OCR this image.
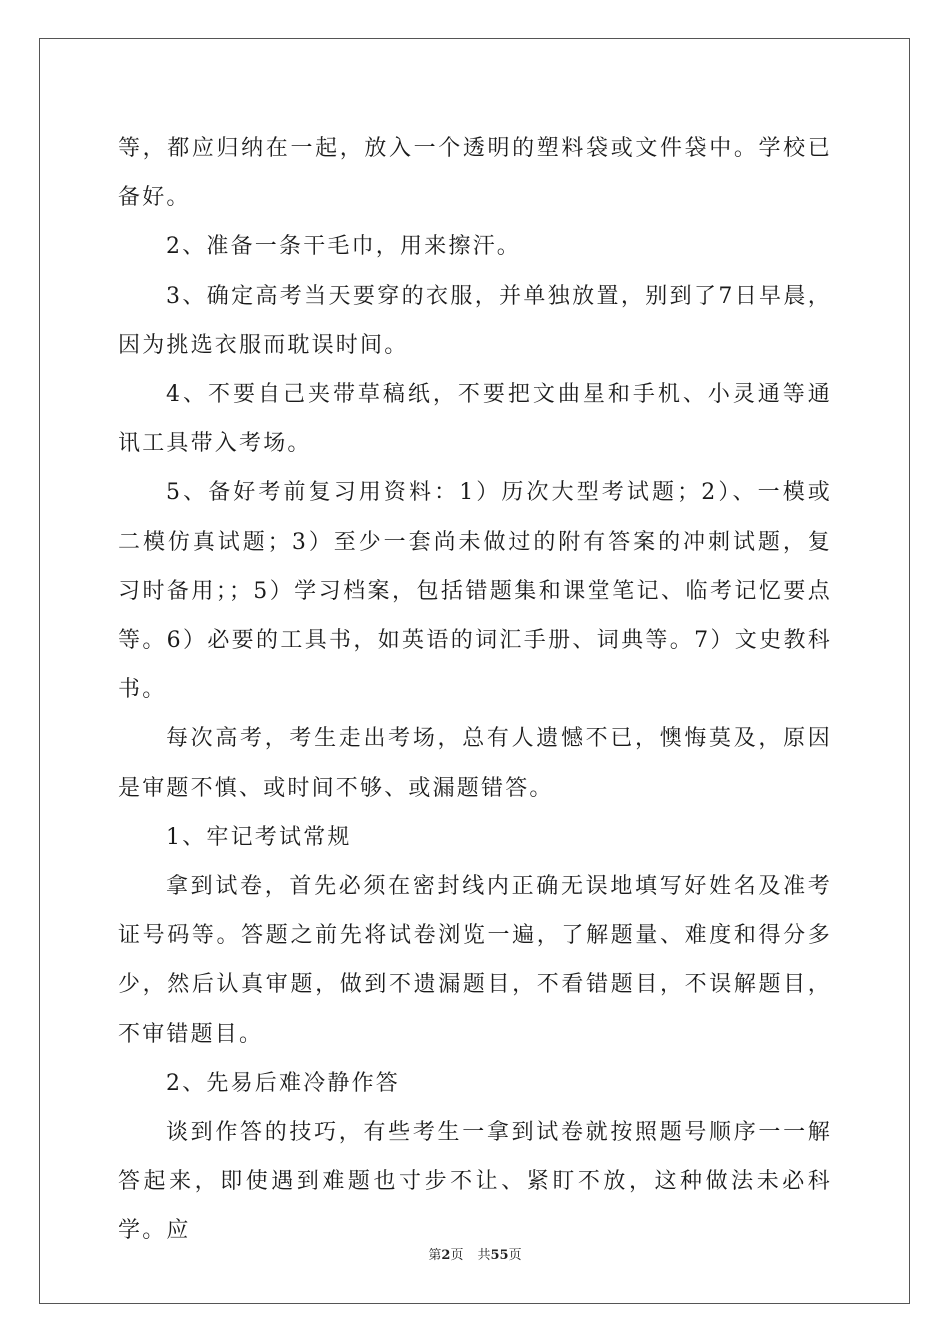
等，都应归纳在一起，放入一个透明的塑料袋或文件袋中。学校已备好。

2、准备一条干毛巾，用来擦汗。

3、确定高考当天要穿的衣服，并单独放置，别到了7日早晨，因为挑选衣服而耽误时间。

4、不要自己夹带草稿纸，不要把文曲星和手机、小灵通等通讯工具带入考场。

5、备好考前复习用资料：1）历次大型考试题；2）、一模或二模仿真试题；3）至少一套尚未做过的附有答案的冲刺试题，复习时备用；；5）学习档案，包括错题集和课堂笔记、临考记忆要点等。6）必要的工具书，如英语的词汇手册、词典等。7）文史教科书。

每次高考，考生走出考场，总有人遗憾不已，懊悔莫及，原因是审题不慎、或时间不够、或漏题错答。

1、牢记考试常规

拿到试卷，首先必须在密封线内正确无误地填写好姓名及准考证号码等。答题之前先将试卷浏览一遍，了解题量、难度和得分多少，然后认真审题，做到不遗漏题目，不看错题目，不误解题目，不审错题目。

2、先易后难冷静作答

谈到作答的技巧，有些考生一拿到试卷就按照题号顺序一一解答起来，即使遇到难题也寸步不让、紧盯不放，这种做法未必科学。应

第2页 共55页
